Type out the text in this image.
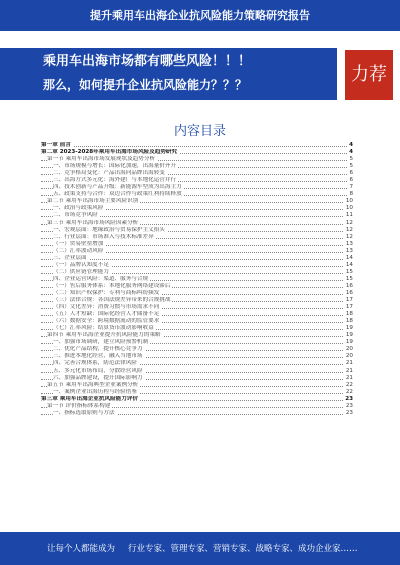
提升乘用车出海企业抗风险能力策略研究报告
乘用车出海市场都有哪些风险！！！
那么，如何提升企业抗风险能力？？？	力荐
内容目录
第一章 前言	4
第二章 2023-2028年乘用车出海市场风险及趋势研究	4
第一节 乘用车出海市场发展现状及趋势分析	5
一、市场规模与增长：国际化加速，出海量价齐升	5
二、竞争格局变化：产品出海向品牌出海转变	6
三、出海方式多元化：海外建厂与本地化运营并行	6
四、技术创新与产品升级：新能源车型成为出海主力	7
五、政策支持与合作：双边合作与政策红利持续释放	8
第二节 乘用车出海市场主要风险识别	10
一、政治与政策风险	10
二、市场竞争风险	11
第三节 乘用车出海市场风险因素分析	12
一、宏观层面：地缘政治与贸易保护主义抬头	12
二、行业层面：市场准入与技术标准差异	12
（一）贸易壁垒增加	13
（二）汇率波动风险	13
三、企业层面	14
（一）品牌认知度不足	14
（二）供应链管理能力	15
四、企业运营风险：渠道、服务与合规	15
（一）售后服务体系：本地化服务网络建设滞后	16
（二）知识产权保护：专利与商标纠纷频发	16
（三）法律合规：各国法规差异带来的合规挑战	17
（四）文化差异：消费习惯与市场需求不同	17
（五）人才短缺：国际化经营人才储备不足	18
（六）数据安全：跨境数据流动的监管要求	18
（七）汇率风险：结算货币波动影响收益	19
第四节 乘用车出海企业提升抗风险能力的策略	19
一、加强市场调研，建立风险预警机制	19
二、优化产品结构，提升核心竞争力	20
三、推进本地化经营，融入当地市场	20
四、完善合规体系，防范法律风险	21
五、多元化市场布局，分散经营风险	21
六、加强品牌建设，提升国际影响力	21
第五节 乘用车出海典型企业案例分析	22
一、案例企业出海历程与经验借鉴	22
第三章 乘用车出海企业抗风险能力评价	23
第一节 评价指标体系构建	23
一、指标选取原则与方法	23
让每个人都能成为 行业专家、管理专家、营销专家、战略专家、成功企业家……
